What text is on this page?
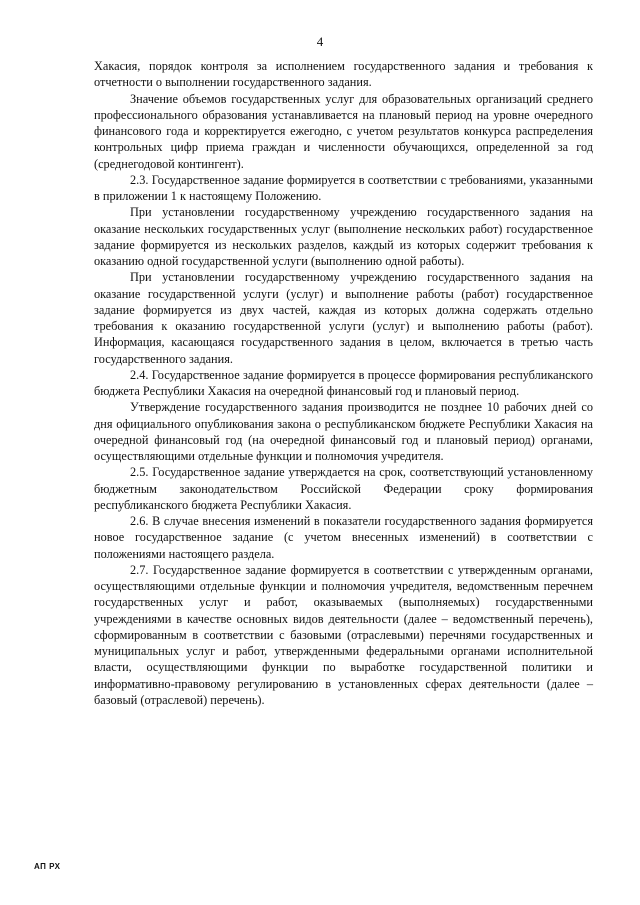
4

Хакасия, порядок контроля за исполнением государственного задания и требования к отчетности о выполнении государственного задания.

Значение объемов государственных услуг для образовательных организаций среднего профессионального образования устанавливается на плановый период на уровне очередного финансового года и корректируется ежегодно, с учетом результатов конкурса распределения контрольных цифр приема граждан и численности обучающихся, определенной за год (среднегодовой контингент).

2.3. Государственное задание формируется в соответствии с требованиями, указанными в приложении 1 к настоящему Положению.

При установлении государственному учреждению государственного задания на оказание нескольких государственных услуг (выполнение нескольких работ) государственное задание формируется из нескольких разделов, каждый из которых содержит требования к оказанию одной государственной услуги (выполнению одной работы).

При установлении государственному учреждению государственного задания на оказание государственной услуги (услуг) и выполнение работы (работ) государственное задание формируется из двух частей, каждая из которых должна содержать отдельно требования к оказанию государственной услуги (услуг) и выполнению работы (работ). Информация, касающаяся государственного задания в целом, включается в третью часть государственного задания.

2.4. Государственное задание формируется в процессе формирования республиканского бюджета Республики Хакасия на очередной финансовый год и плановый период.

Утверждение государственного задания производится не позднее 10 рабочих дней со дня официального опубликования закона о республиканском бюджете Республики Хакасия на очередной финансовый год (на очередной финансовый год и плановый период) органами, осуществляющими отдельные функции и полномочия учредителя.

2.5. Государственное задание утверждается на срок, соответствующий установленному бюджетным законодательством Российской Федерации сроку формирования республиканского бюджета Республики Хакасия.

2.6. В случае внесения изменений в показатели государственного задания формируется новое государственное задание (с учетом внесенных изменений) в соответствии с положениями настоящего раздела.

2.7. Государственное задание формируется в соответствии с утвержденным органами, осуществляющими отдельные функции и полномочия учредителя, ведомственным перечнем государственных услуг и работ, оказываемых (выполняемых) государственными учреждениями в качестве основных видов деятельности (далее – ведомственный перечень), сформированным в соответствии с базовыми (отраслевыми) перечнями государственных и муниципальных услуг и работ, утвержденными федеральными органами исполнительной власти, осуществляющими функции по выработке государственной политики и информативно-правовому регулированию в установленных сферах деятельности (далее – базовый (отраслевой) перечень).

АП РХ
